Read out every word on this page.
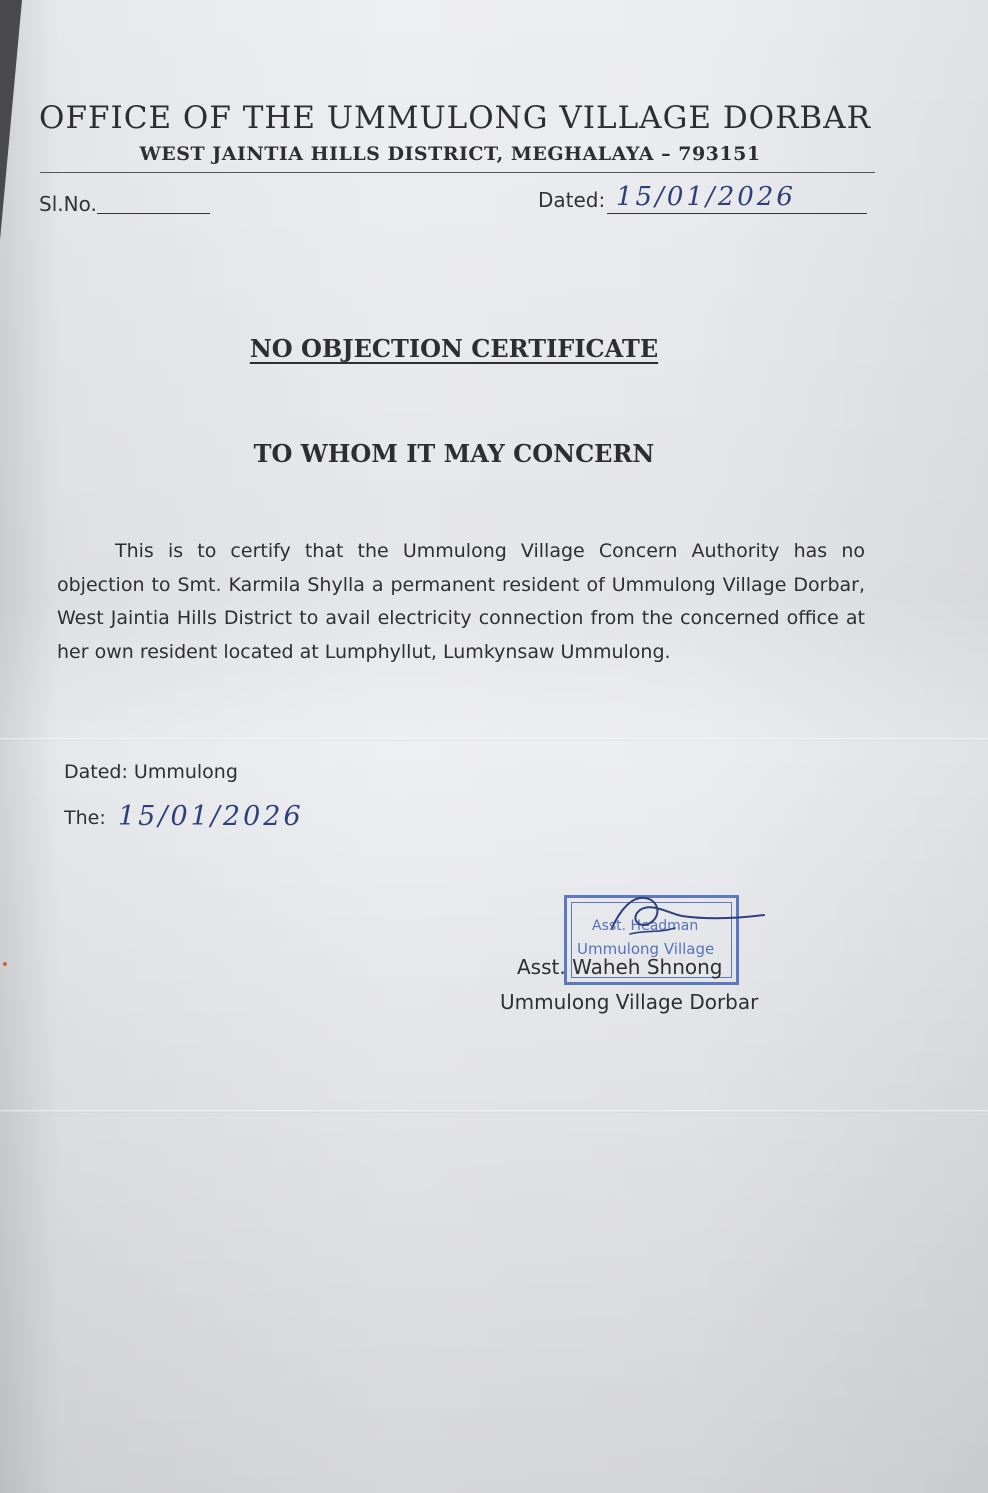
OFFICE OF THE UMMULONG VILLAGE DORBAR
WEST JAINTIA HILLS DISTRICT, MEGHALAYA – 793151
Sl.No.	Dated: 15/01/2026
NO OBJECTION CERTIFICATE
TO WHOM IT MAY CONCERN
This is to certify that the Ummulong Village Concern Authority has no objection to Smt. Karmila Shylla a permanent resident of Ummulong Village Dorbar, West Jaintia Hills District to avail electricity connection from the concerned office at her own resident located at Lumphyllut, Lumkynsaw Ummulong.
Dated: Ummulong
The: 15/01/2026
Asst. Headman
Ummulong Village
Asst. Waheh Shnong
Ummulong Village Dorbar
